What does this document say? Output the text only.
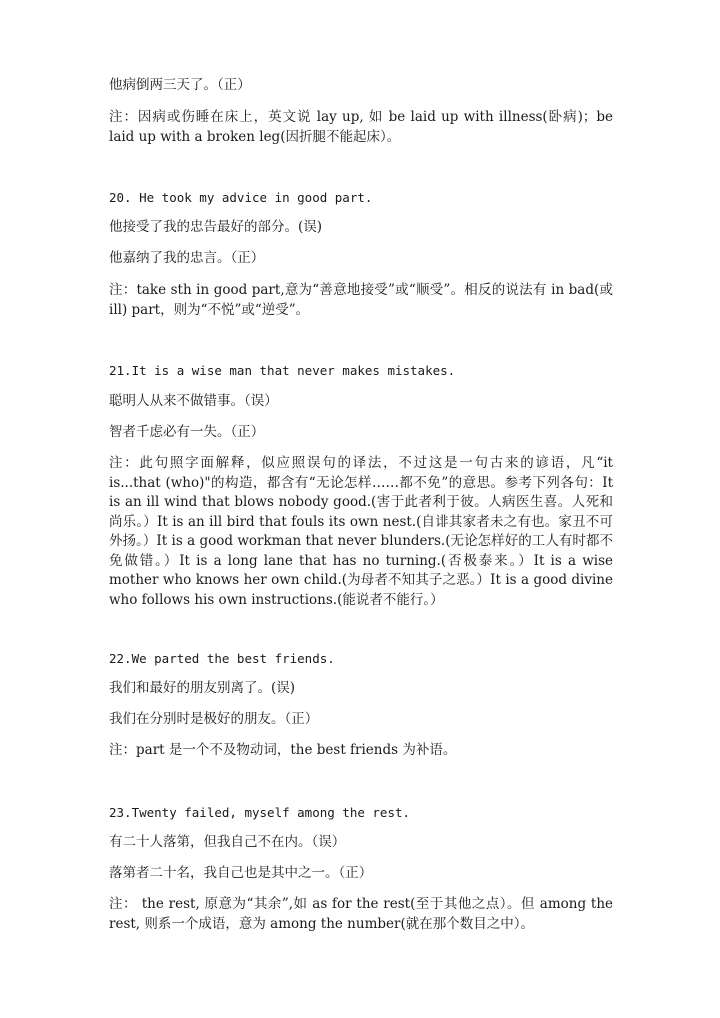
他病倒两三天了。（正）
注：因病或伤睡在床上，英文说 lay up, 如 be laid up with illness(卧病)；be laid up with a broken leg(因折腿不能起床）。
20. He took my advice in good part.
他接受了我的忠告最好的部分。(误)
他嘉纳了我的忠言。（正）
注：take sth in good part,意为“善意地接受”或“顺受”。相反的说法有 in bad(或 ill) part，则为“不悦”或“逆受”。
21.It is a wise man that never makes mistakes.
聪明人从来不做错事。（误）
智者千虑必有一失。（正）
注：此句照字面解释，似应照误句的译法，不过这是一句古来的谚语，凡“it is...that (who)"的构造，都含有“无论怎样……都不免”的意思。参考下列各句：It is an ill wind that blows nobody good.(害于此者利于彼。人病医生喜。人死和尚乐。）It is an ill bird that fouls its own nest.(自诽其家者未之有也。家丑不可外扬。）It is a good workman that never blunders.(无论怎样好的工人有时都不免做错。）It is a long lane that has no turning.(否极泰来。）It is a wise mother who knows her own child.(为母者不知其子之恶。）It is a good divine who follows his own instructions.(能说者不能行。）
22.We parted the best friends.
我们和最好的朋友别离了。(误)
我们在分别时是极好的朋友。（正）
注：part 是一个不及物动词，the best friends 为补语。
23.Twenty failed, myself among the rest.
有二十人落第，但我自己不在内。（误）
落第者二十名，我自己也是其中之一。（正）
注： the rest, 原意为“其余”,如 as for the rest(至于其他之点）。但 among the rest, 则系一个成语，意为 among the number(就在那个数目之中）。
